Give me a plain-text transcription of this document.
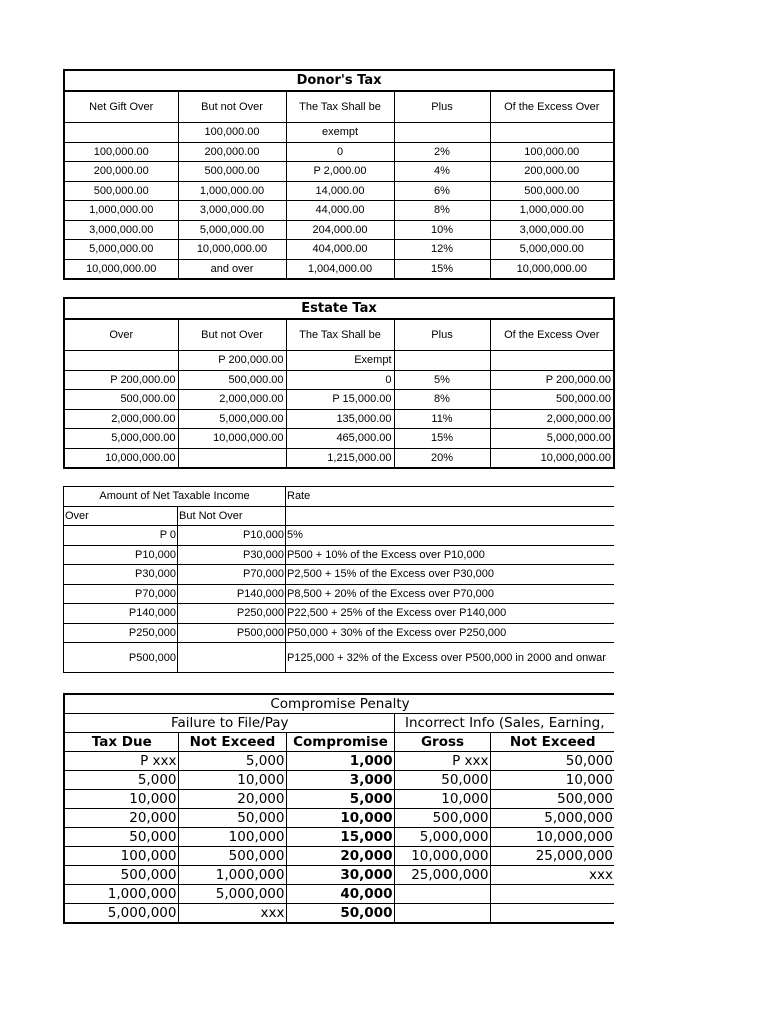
Donor's Tax				
Net Gift Over	But not Over	The Tax Shall be	Plus	Of the Excess Over
	100,000.00	exempt		
100,000.00	200,000.00	0	2%	100,000.00
200,000.00	500,000.00	P 2,000.00	4%	200,000.00
500,000.00	1,000,000.00	14,000.00	6%	500,000.00
1,000,000.00	3,000,000.00	44,000.00	8%	1,000,000.00
3,000,000.00	5,000,000.00	204,000.00	10%	3,000,000.00
5,000,000.00	10,000,000.00	404,000.00	12%	5,000,000.00
10,000,000.00	and over	1,004,000.00	15%	10,000,000.00
Estate Tax				
Over	But not Over	The Tax Shall be	Plus	Of the Excess Over
	P 200,000.00	Exempt		
P 200,000.00	500,000.00	0	5%	P 200,000.00
500,000.00	2,000,000.00	P 15,000.00	8%	500,000.00
2,000,000.00	5,000,000.00	135,000.00	11%	2,000,000.00
5,000,000.00	10,000,000.00	465,000.00	15%	5,000,000.00
10,000,000.00		1,215,000.00	20%	10,000,000.00
Amount of Net Taxable Income		Rate
Over	But Not Over	
P 0	P10,000	5%
P10,000	P30,000	P500 + 10% of the Excess over P10,000
P30,000	P70,000	P2,500 + 15% of the Excess over P30,000
P70,000	P140,000	P8,500 + 20% of the Excess over P70,000
P140,000	P250,000	P22,500 + 25% of the Excess over P140,000
P250,000	P500,000	P50,000 + 30% of the Excess over P250,000
P500,000		P125,000 + 32% of the Excess over P500,000 in 2000 and onwar
Compromise Penalty				
Failure to File/Pay			Incorrect Info (Sales, Earning,	
Tax Due	Not Exceed	Compromise	Gross	Not Exceed
P xxx	5,000	1,000	P xxx	50,000
5,000	10,000	3,000	50,000	10,000
10,000	20,000	5,000	10,000	500,000
20,000	50,000	10,000	500,000	5,000,000
50,000	100,000	15,000	5,000,000	10,000,000
100,000	500,000	20,000	10,000,000	25,000,000
500,000	1,000,000	30,000	25,000,000	xxx
1,000,000	5,000,000	40,000		
5,000,000	xxx	50,000		
